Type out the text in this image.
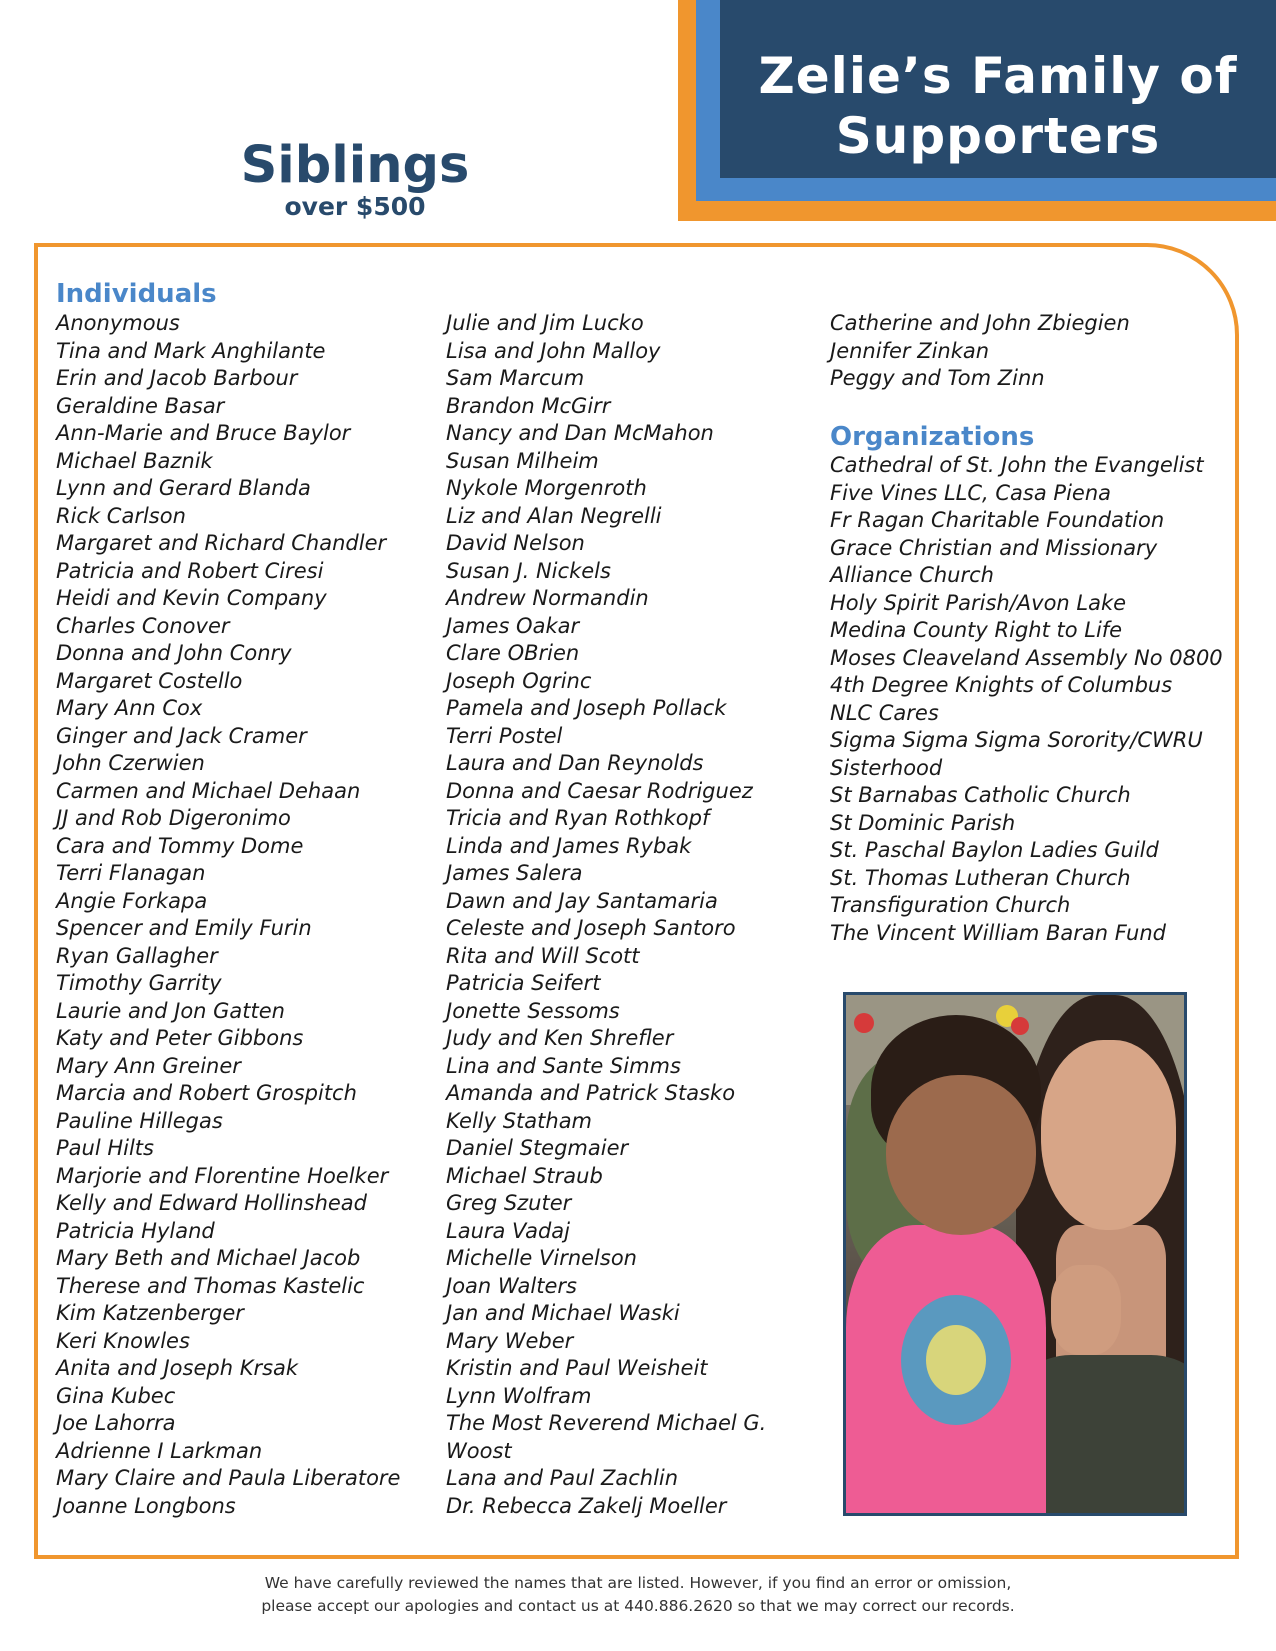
Zelie’s Family of
Supporters
Siblings
over $500
Individuals
Anonymous
Tina and Mark Anghilante
Erin and Jacob Barbour
Geraldine Basar
Ann-Marie and Bruce Baylor
Michael Baznik
Lynn and Gerard Blanda
Rick Carlson
Margaret and Richard Chandler
Patricia and Robert Ciresi
Heidi and Kevin Company
Charles Conover
Donna and John Conry
Margaret Costello
Mary Ann Cox
Ginger and Jack Cramer
John Czerwien
Carmen and Michael Dehaan
JJ and Rob Digeronimo
Cara and Tommy Dome
Terri Flanagan
Angie Forkapa
Spencer and Emily Furin
Ryan Gallagher
Timothy Garrity
Laurie and Jon Gatten
Katy and Peter Gibbons
Mary Ann Greiner
Marcia and Robert Grospitch
Pauline Hillegas
Paul Hilts
Marjorie and Florentine Hoelker
Kelly and Edward Hollinshead
Patricia Hyland
Mary Beth and Michael Jacob
Therese and Thomas Kastelic
Kim Katzenberger
Keri Knowles
Anita and Joseph Krsak
Gina Kubec
Joe Lahorra
Adrienne I Larkman
Mary Claire and Paula Liberatore
Joanne Longbons
Julie and Jim Lucko
Lisa and John Malloy
Sam Marcum
Brandon McGirr
Nancy and Dan McMahon
Susan Milheim
Nykole Morgenroth
Liz and Alan Negrelli
David Nelson
Susan J. Nickels
Andrew Normandin
James Oakar
Clare OBrien
Joseph Ogrinc
Pamela and Joseph Pollack
Terri Postel
Laura and Dan Reynolds
Donna and Caesar Rodriguez
Tricia and Ryan Rothkopf
Linda and James Rybak
James Salera
Dawn and Jay Santamaria
Celeste and Joseph Santoro
Rita and Will Scott
Patricia Seifert
Jonette Sessoms
Judy and Ken Shrefler
Lina and Sante Simms
Amanda and Patrick Stasko
Kelly Statham
Daniel Stegmaier
Michael Straub
Greg Szuter
Laura Vadaj
Michelle Virnelson
Joan Walters
Jan and Michael Waski
Mary Weber
Kristin and Paul Weisheit
Lynn Wolfram
The Most Reverend Michael G.
Woost
Lana and Paul Zachlin
Dr. Rebecca Zakelj Moeller
Catherine and John Zbiegien
Jennifer Zinkan
Peggy and Tom Zinn
Organizations
Cathedral of St. John the Evangelist
Five Vines LLC, Casa Piena
Fr Ragan Charitable Foundation
Grace Christian and Missionary
Alliance Church
Holy Spirit Parish/Avon Lake
Medina County Right to Life
Moses Cleaveland Assembly No 0800
4th Degree Knights of Columbus
NLC Cares
Sigma Sigma Sigma Sorority/CWRU
Sisterhood
St Barnabas Catholic Church
St Dominic Parish
St. Paschal Baylon Ladies Guild
St. Thomas Lutheran Church
Transfiguration Church
The Vincent William Baran Fund
We have carefully reviewed the names that are listed. However, if you find an error or omission,
please accept our apologies and contact us at 440.886.2620 so that we may correct our records.
